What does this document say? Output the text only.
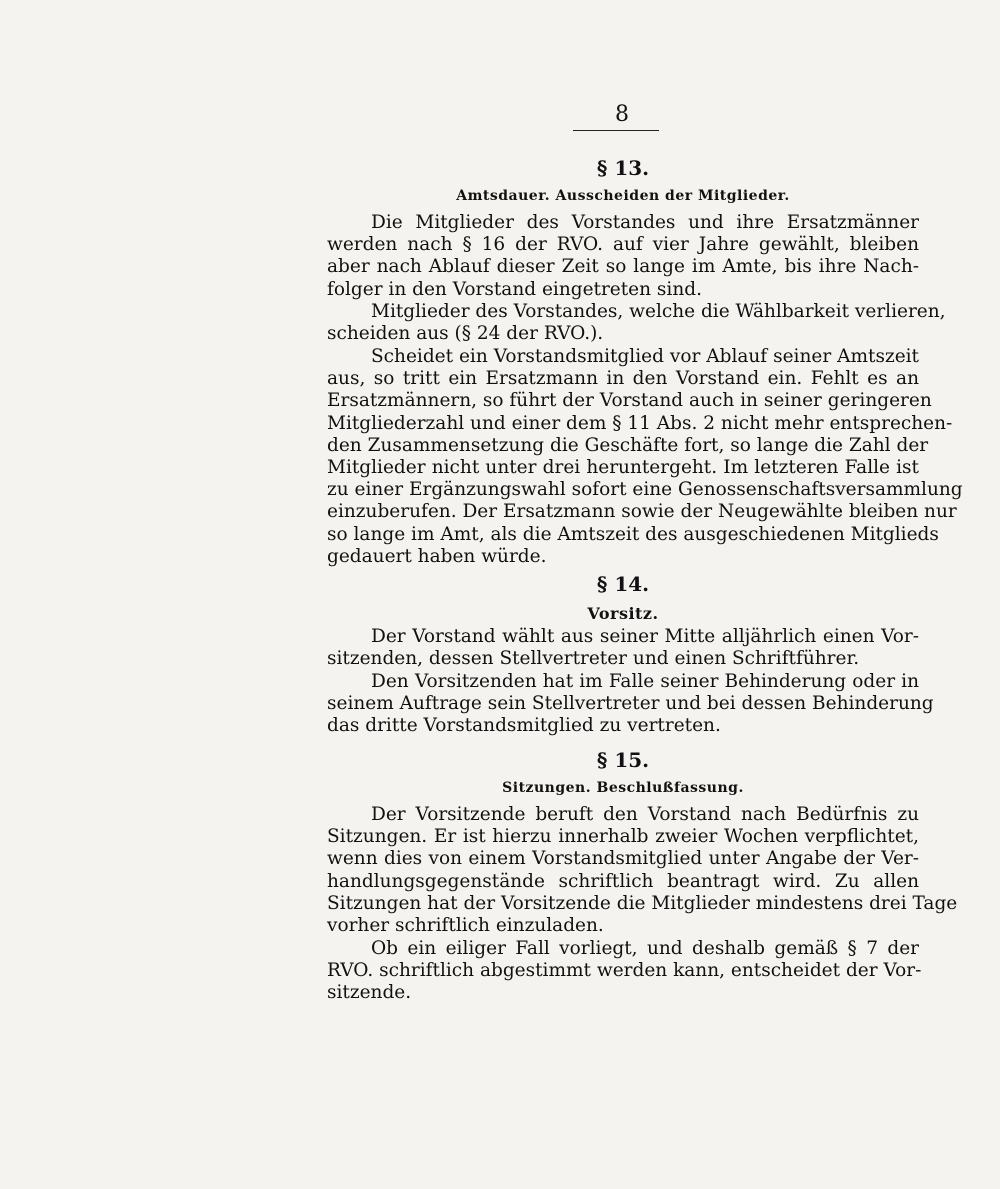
8
§ 13.
Amtsdauer. Ausscheiden der Mitglieder.
Die Mitglieder des Vorstandes und ihre Ersatzmänner
werden nach § 16 der RVO. auf vier Jahre gewählt, bleiben
aber nach Ablauf dieser Zeit so lange im Amte, bis ihre Nach-
folger in den Vorstand eingetreten sind.
Mitglieder des Vorstandes, welche die Wählbarkeit verlieren,
scheiden aus (§ 24 der RVO.).
Scheidet ein Vorstandsmitglied vor Ablauf seiner Amtszeit
aus, so tritt ein Ersatzmann in den Vorstand ein. Fehlt es an
Ersatzmännern, so führt der Vorstand auch in seiner geringeren
Mitgliederzahl und einer dem § 11 Abs. 2 nicht mehr entsprechen-
den Zusammensetzung die Geschäfte fort, so lange die Zahl der
Mitglieder nicht unter drei heruntergeht. Im letzteren Falle ist
zu einer Ergänzungswahl sofort eine Genossenschaftsversammlung
einzuberufen. Der Ersatzmann sowie der Neugewählte bleiben nur
so lange im Amt, als die Amtszeit des ausgeschiedenen Mitglieds
gedauert haben würde.
§ 14.
Vorsitz.
Der Vorstand wählt aus seiner Mitte alljährlich einen Vor-
sitzenden, dessen Stellvertreter und einen Schriftführer.
Den Vorsitzenden hat im Falle seiner Behinderung oder in
seinem Auftrage sein Stellvertreter und bei dessen Behinderung
das dritte Vorstandsmitglied zu vertreten.
§ 15.
Sitzungen. Beschlußfassung.
Der Vorsitzende beruft den Vorstand nach Bedürfnis zu
Sitzungen. Er ist hierzu innerhalb zweier Wochen verpflichtet,
wenn dies von einem Vorstandsmitglied unter Angabe der Ver-
handlungsgegenstände schriftlich beantragt wird. Zu allen
Sitzungen hat der Vorsitzende die Mitglieder mindestens drei Tage
vorher schriftlich einzuladen.
Ob ein eiliger Fall vorliegt, und deshalb gemäß § 7 der
RVO. schriftlich abgestimmt werden kann, entscheidet der Vor-
sitzende.
